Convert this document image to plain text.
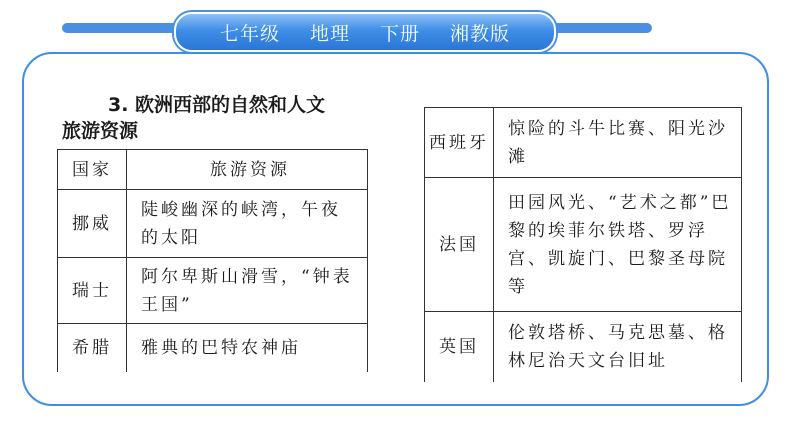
七年级 地理 下册 湘教版
3. 欧洲西部的自然和人文
旅游资源
国家	旅游资源
挪威	陡峻幽深的峡湾，午夜的太阳
瑞士	阿尔卑斯山滑雪，“钟表王国”
希腊	雅典的巴特农神庙
西班牙	惊险的斗牛比赛、阳光沙滩
法国	田园风光、“艺术之都”巴黎的埃菲尔铁塔、罗浮宫、凯旋门、巴黎圣母院等
英国	伦敦塔桥、马克思墓、格林尼治天文台旧址
